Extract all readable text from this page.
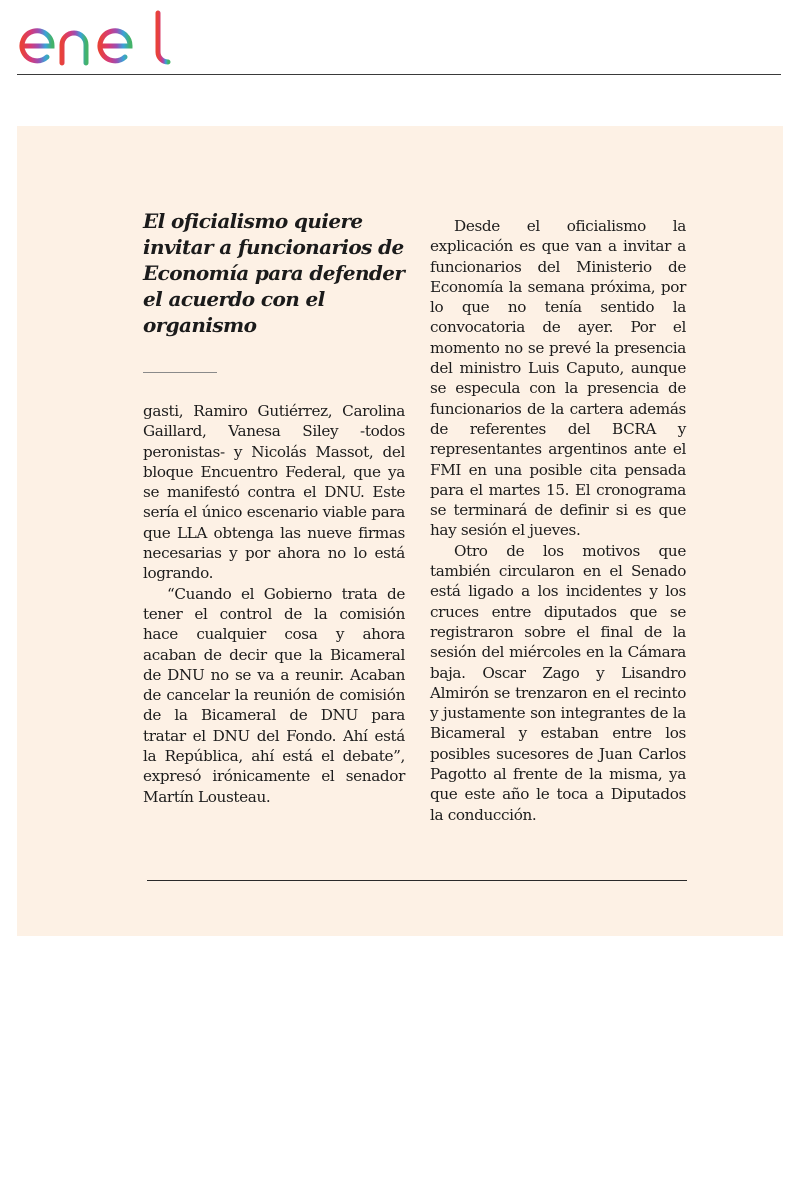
El oficialismo quiere invitar a funcionarios de Economía para defender el acuerdo con el organismo

gasti, Ramiro Gutiérrez, Carolina Gaillard, Vanesa Siley -todos peronistas- y Nicolás Massot, del bloque Encuentro Federal, que ya se manifestó contra el DNU. Este sería el único escenario viable para que LLA obtenga las nueve firmas necesarias y por ahora no lo está logrando.

“Cuando el Gobierno trata de tener el control de la comisión hace cualquier cosa y ahora acaban de decir que la Bicameral de DNU no se va a reunir. Acaban de cancelar la reunión de comisión de la Bicameral de DNU para tratar el DNU del Fondo. Ahí está la República, ahí está el debate”, expresó irónicamente el senador Martín Lousteau.

Desde el oficialismo la explicación es que van a invitar a funcionarios del Ministerio de Economía la semana próxima, por lo que no tenía sentido la convocatoria de ayer. Por el momento no se prevé la presencia del ministro Luis Caputo, aunque se especula con la presencia de funcionarios de la cartera además de referentes del BCRA y representantes argentinos ante el FMI en una posible cita pensada para el martes 15. El cronograma se terminará de definir si es que hay sesión el jueves.

Otro de los motivos que también circularon en el Senado está ligado a los incidentes y los cruces entre diputados que se registraron sobre el final de la sesión del miércoles en la Cámara baja. Oscar Zago y Lisandro Almirón se trenzaron en el recinto y justamente son integrantes de la Bicameral y estaban entre los posibles sucesores de Juan Carlos Pagotto al frente de la misma, ya que este año le toca a Diputados la conducción.
